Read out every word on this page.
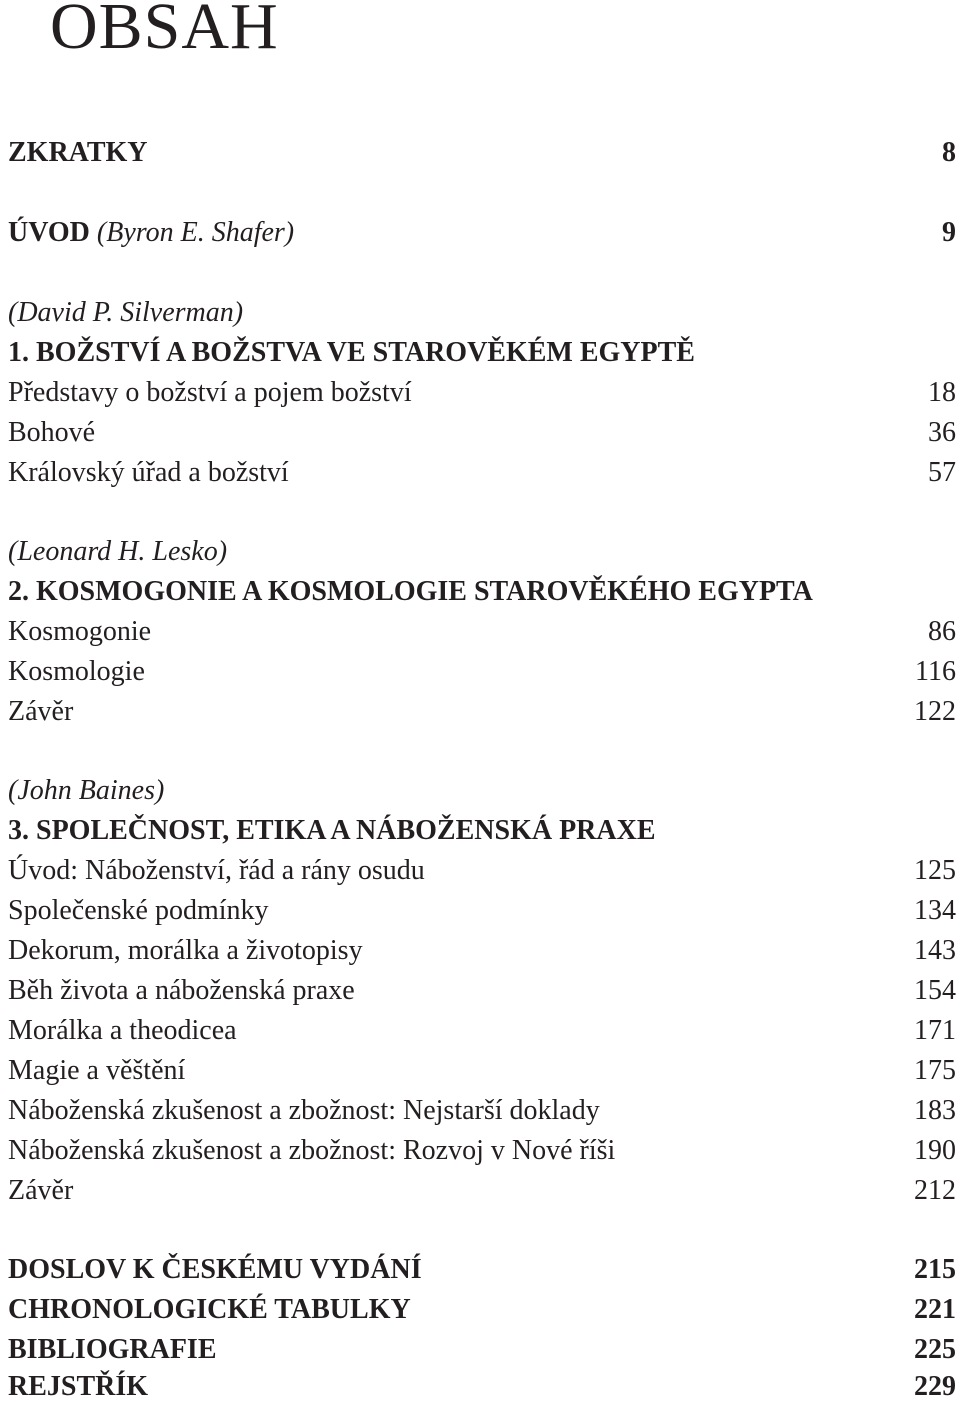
OBSAH
ZKRATKY	8
ÚVOD (Byron E. Shafer)	9
(David P. Silverman)
1. BOŽSTVÍ A BOŽSTVA VE STAROVĚKÉM EGYPTĚ
Představy o božství a pojem božství	18
Bohové	36
Královský úřad a božství	57
(Leonard H. Lesko)
2. KOSMOGONIE A KOSMOLOGIE STAROVĚKÉHO EGYPTA
Kosmogonie	86
Kosmologie	116
Závěr	122
(John Baines)
3. SPOLEČNOST, ETIKA A NÁBOŽENSKÁ PRAXE
Úvod: Náboženství, řád a rány osudu	125
Společenské podmínky	134
Dekorum, morálka a životopisy	143
Běh života a náboženská praxe	154
Morálka a theodicea	171
Magie a věštění	175
Náboženská zkušenost a zbožnost: Nejstarší doklady	183
Náboženská zkušenost a zbožnost: Rozvoj v Nové říši	190
Závěr	212
DOSLOV K ČESKÉMU VYDÁNÍ	215
CHRONOLOGICKÉ TABULKY	221
BIBLIOGRAFIE	225
REJSTŘÍK	229
